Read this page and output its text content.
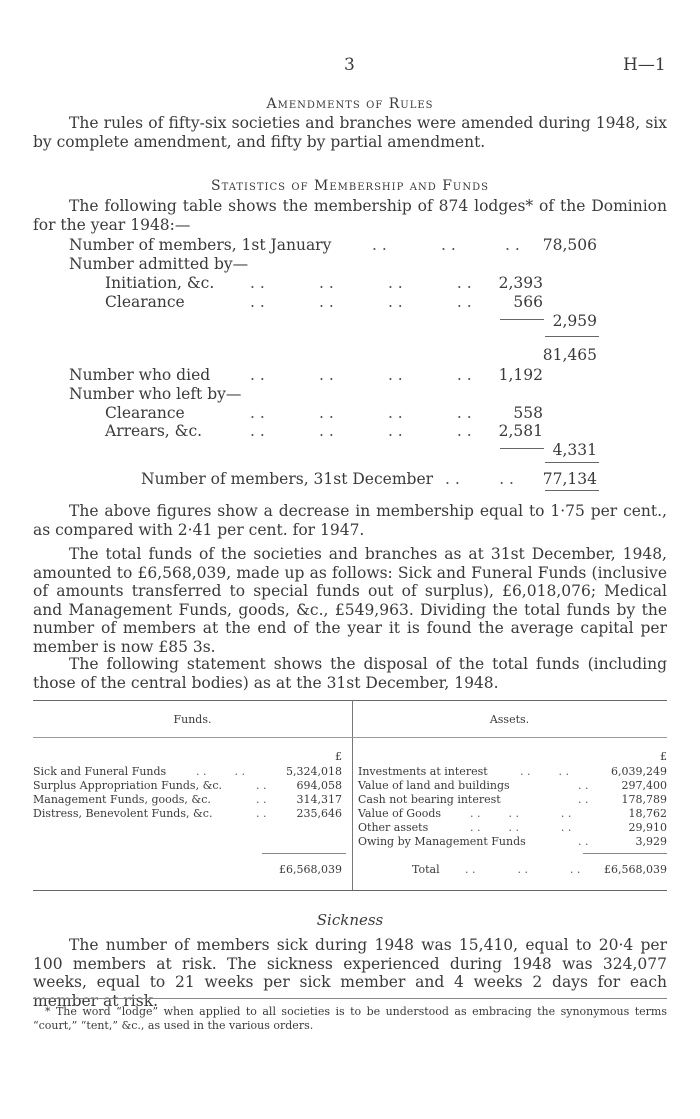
3	H—1
Amendments of Rules
The rules of fifty-six societies and branches were amended during 1948, six by complete amendment, and fifty by partial amendment.
Statistics of Membership and Funds
The following table shows the membership of 874 lodges* of the Dominion for the year 1948:—
Number of members, 1st January	. .           . .          . .	78,506
Number admitted by—
Initiation, &c. . .           . .           . .           . .	2,393
Clearance	. .           . .           . .           . .	566
2,959
81,465
Number who died	. .           . .           . .           . .	1,192
Number who left by—
Clearance	. .           . .           . .           . .	558
Arrears, &c.	. .           . .           . .           . .	2,581
4,331
Number of members, 31st December . .        . .	77,134
The above figures show a decrease in membership equal to 1·75 per cent., as compared with 2·41 per cent. for 1947.
The total funds of the societies and branches as at 31st December, 1948, amounted to £6,568,039, made up as follows: Sick and Funeral Funds (inclusive of amounts transferred to special funds out of surplus), £6,018,076; Medical and Management Funds, goods, &c., £549,963. Dividing the total funds by the number of members at the end of the year it is found the average capital per member is now £85 3s.
The following statement shows the disposal of the total funds (including those of the central bodies) as at the 31st December, 1948.
Funds.	Assets.
£	£
Sick and Funeral Funds	. .        . .	5,324,018
Surplus Appropriation Funds, &c.	. .	694,058
Management Funds, goods, &c.	. .	314,317
Distress, Benevolent Funds, &c.	. .	235,646
Investments at interest	. .        . .	6,039,249
Value of land and buildings	. .	297,400
Cash not bearing interest	. .	178,789
Value of Goods	. .        . .            . .	18,762
Other assets	. .        . .            . .	29,910
Owing by Management Funds	. .	3,929
£6,568,039	Total . .            . .            . .	£6,568,039
Sickness
The number of members sick during 1948 was 15,410, equal to 20·4 per 100 members at risk. The sickness experienced during 1948 was 324,077 weeks, equal to 21 weeks per sick member and 4 weeks 2 days for each member at risk.
* The word “lodge” when applied to all societies is to be understood as embracing the synonymous terms “court,” “tent,” &c., as used in the various orders.
